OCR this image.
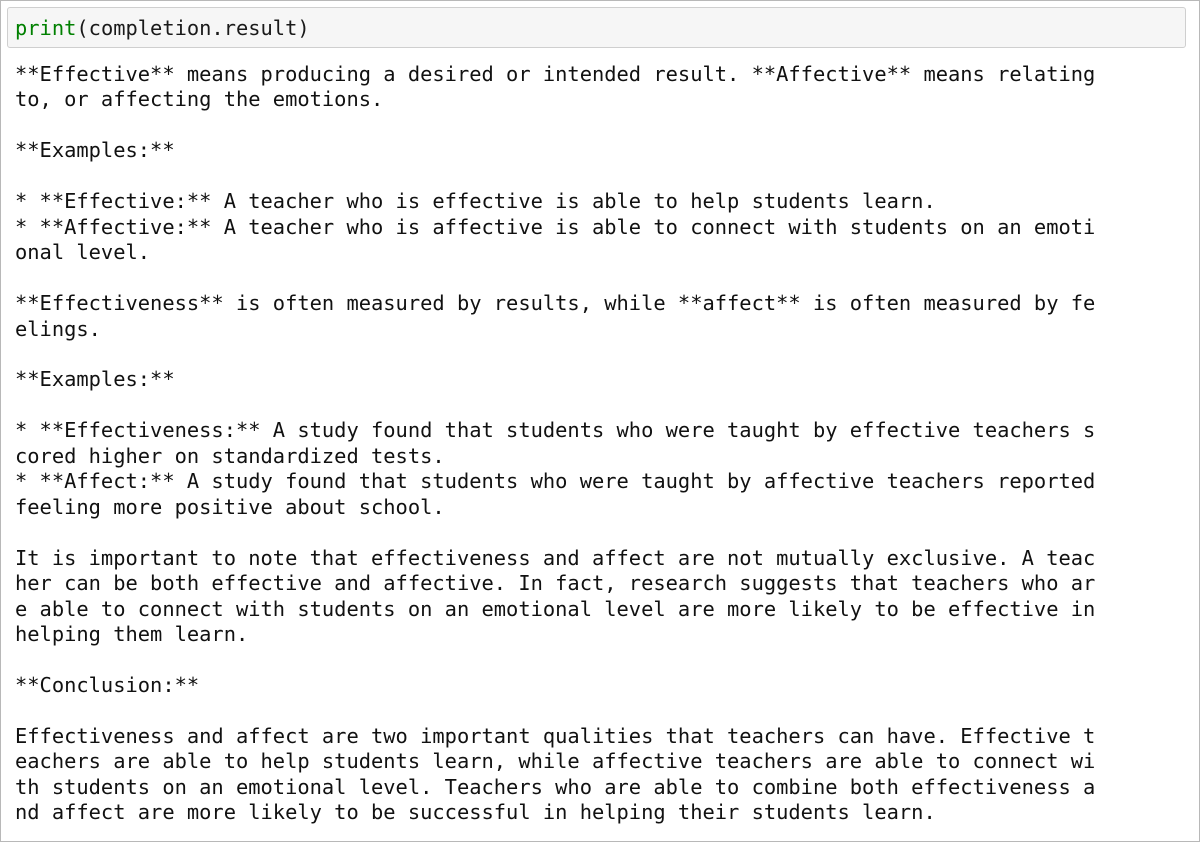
print(completion.result)
**Effective** means producing a desired or intended result. **Affective** means relating
to, or affecting the emotions.

**Examples:**

* **Effective:** A teacher who is effective is able to help students learn.
* **Affective:** A teacher who is affective is able to connect with students on an emoti
onal level.

**Effectiveness** is often measured by results, while **affect** is often measured by fe
elings.

**Examples:**

* **Effectiveness:** A study found that students who were taught by effective teachers s
cored higher on standardized tests.
* **Affect:** A study found that students who were taught by affective teachers reported
feeling more positive about school.

It is important to note that effectiveness and affect are not mutually exclusive. A teac
her can be both effective and affective. In fact, research suggests that teachers who ar
e able to connect with students on an emotional level are more likely to be effective in
helping them learn.

**Conclusion:**

Effectiveness and affect are two important qualities that teachers can have. Effective t
eachers are able to help students learn, while affective teachers are able to connect wi
th students on an emotional level. Teachers who are able to combine both effectiveness a
nd affect are more likely to be successful in helping their students learn.
